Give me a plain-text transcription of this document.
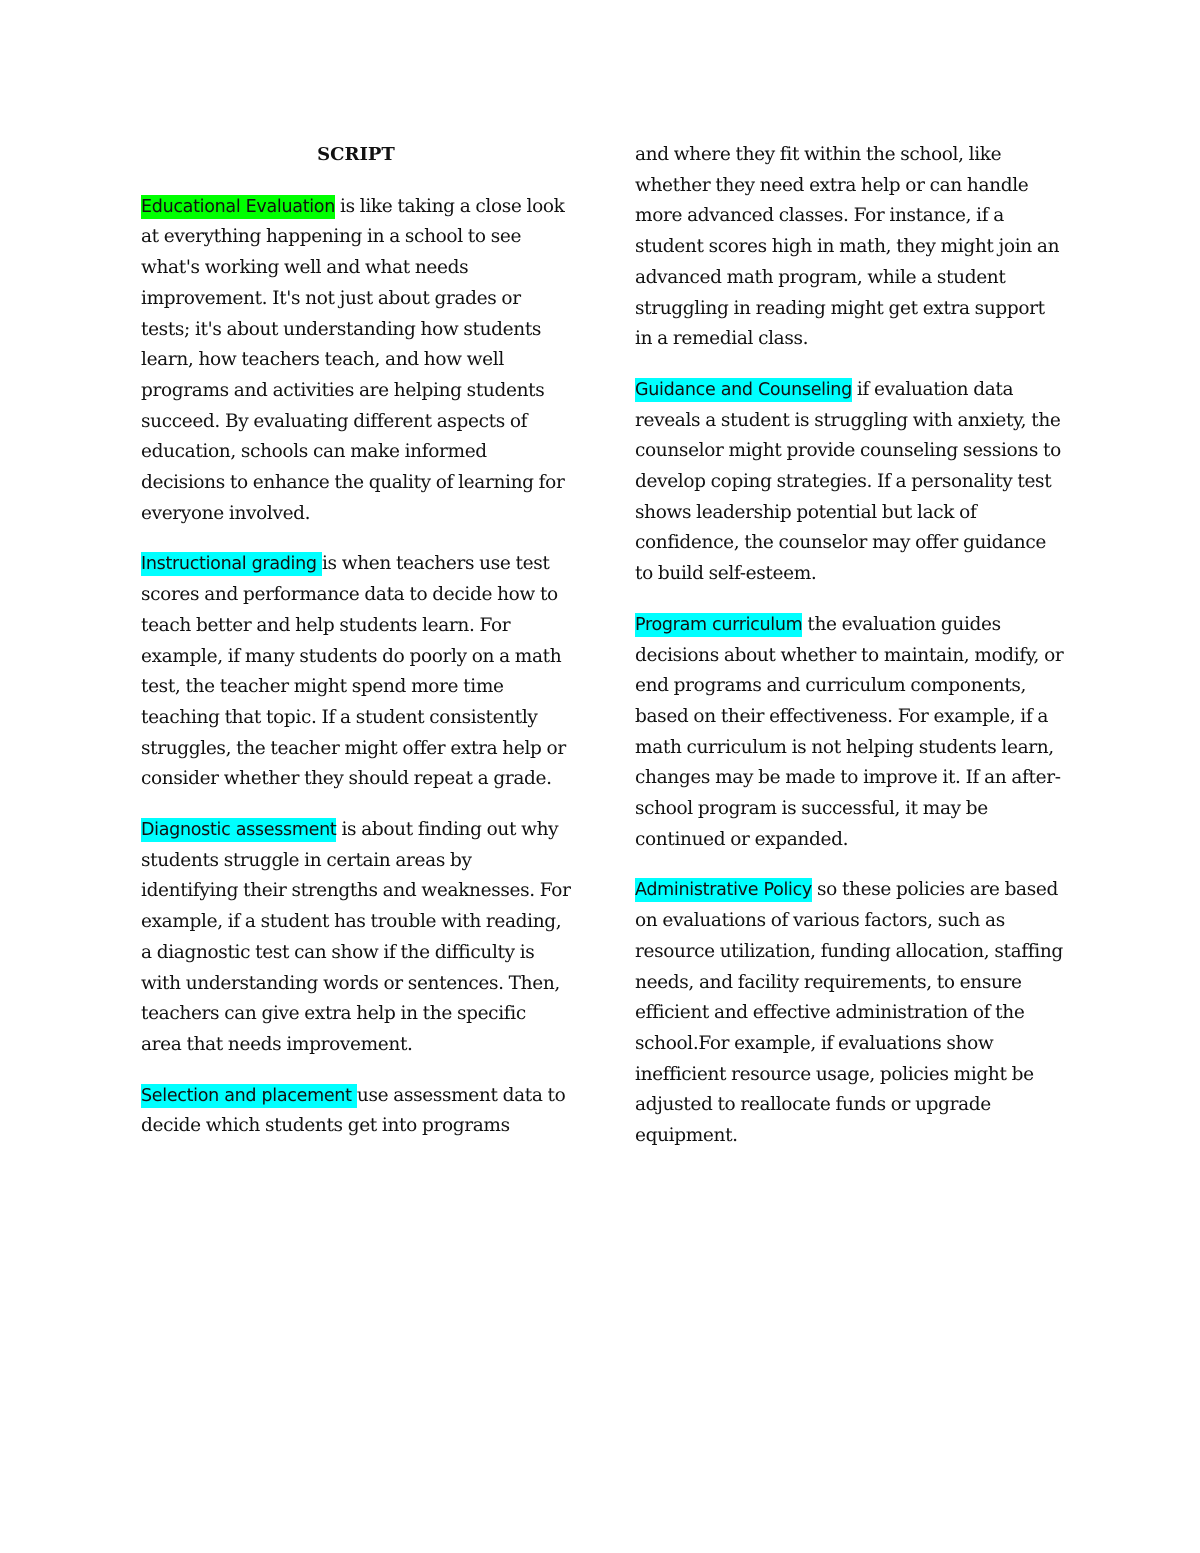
SCRIPT

Educational Evaluation is like taking a close look at everything happening in a school to see what's working well and what needs improvement. It's not just about grades or tests; it's about understanding how students learn, how teachers teach, and how well programs and activities are helping students succeed. By evaluating different aspects of education, schools can make informed decisions to enhance the quality of learning for everyone involved.

Instructional grading is when teachers use test scores and performance data to decide how to teach better and help students learn. For example, if many students do poorly on a math test, the teacher might spend more time teaching that topic. If a student consistently struggles, the teacher might offer extra help or consider whether they should repeat a grade.

Diagnostic assessment is about finding out why students struggle in certain areas by identifying their strengths and weaknesses. For example, if a student has trouble with reading, a diagnostic test can show if the difficulty is with understanding words or sentences. Then, teachers can give extra help in the specific area that needs improvement.

Selection and placement use assessment data to decide which students get into programs

and where they fit within the school, like whether they need extra help or can handle more advanced classes. For instance, if a student scores high in math, they might join an advanced math program, while a student struggling in reading might get extra support in a remedial class.

Guidance and Counseling if evaluation data reveals a student is struggling with anxiety, the counselor might provide counseling sessions to develop coping strategies. If a personality test shows leadership potential but lack of confidence, the counselor may offer guidance to build self-esteem.

Program curriculum the evaluation guides decisions about whether to maintain, modify, or end programs and curriculum components, based on their effectiveness. For example, if a math curriculum is not helping students learn, changes may be made to improve it. If an after-school program is successful, it may be continued or expanded.

Administrative Policy so these policies are based on evaluations of various factors, such as resource utilization, funding allocation, staffing needs, and facility requirements, to ensure efficient and effective administration of the school.For example, if evaluations show inefficient resource usage, policies might be adjusted to reallocate funds or upgrade equipment.
